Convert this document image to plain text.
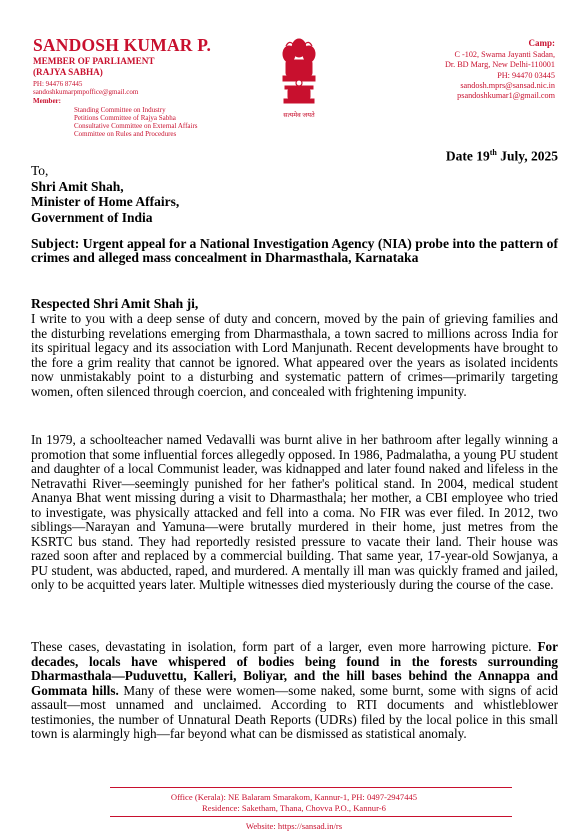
SANDOSH KUMAR P.
MEMBER OF PARLIAMENT
(RAJYA SABHA)
PH: 94476 87445
sandoshkumarpmpoffice@gmail.com
Member:
Standing Committee on Industry
Petitions Committee of Rajya Sabha
Consultative Committee on External Affairs
Committee on Rules and Procedures
सत्यमेव जयते
Camp:
C -102, Swarna Jayanti Sadan,
Dr. BD Marg, New Delhi-110001
PH: 94470 03445
sandosh.mprs@sansad.nic.in
psandoshkumar1@gmail.com
Date 19th July, 2025
To,
Shri Amit Shah,
Minister of Home Affairs,
Government of India
Subject: Urgent appeal for a National Investigation Agency (NIA) probe into the pattern of crimes and alleged mass concealment in Dharmasthala, Karnataka
Respected Shri Amit Shah ji,
I write to you with a deep sense of duty and concern, moved by the pain of grieving families and the disturbing revelations emerging from Dharmasthala, a town sacred to millions across India for its spiritual legacy and its association with Lord Manjunath. Recent developments have brought to the fore a grim reality that cannot be ignored. What appeared over the years as isolated incidents now unmistakably point to a disturbing and systematic pattern of crimes—primarily targeting women, often silenced through coercion, and concealed with frightening impunity.
In 1979, a schoolteacher named Vedavalli was burnt alive in her bathroom after legally winning a promotion that some influential forces allegedly opposed. In 1986, Padmalatha, a young PU student and daughter of a local Communist leader, was kidnapped and later found naked and lifeless in the Netravathi River—seemingly punished for her father's political stand. In 2004, medical student Ananya Bhat went missing during a visit to Dharmasthala; her mother, a CBI employee who tried to investigate, was physically attacked and fell into a coma. No FIR was ever filed. In 2012, two siblings—Narayan and Yamuna—were brutally murdered in their home, just metres from the KSRTC bus stand. They had reportedly resisted pressure to vacate their land. Their house was razed soon after and replaced by a commercial building. That same year, 17-year-old Sowjanya, a PU student, was abducted, raped, and murdered. A mentally ill man was quickly framed and jailed, only to be acquitted years later. Multiple witnesses died mysteriously during the course of the case.
These cases, devastating in isolation, form part of a larger, even more harrowing picture. For decades, locals have whispered of bodies being found in the forests surrounding Dharmasthala—Puduvettu, Kalleri, Boliyar, and the hill bases behind the Annappa and Gommata hills. Many of these were women—some naked, some burnt, some with signs of acid assault—most unnamed and unclaimed. According to RTI documents and whistleblower testimonies, the number of Unnatural Death Reports (UDRs) filed by the local police in this small town is alarmingly high—far beyond what can be dismissed as statistical anomaly.
Office (Kerala): NE Balaram Smarakom, Kannur-1, PH: 0497-2947445
Residence: Saketham, Thana, Chovva P.O., Kannur-6
Website: https://sansad.in/rs
